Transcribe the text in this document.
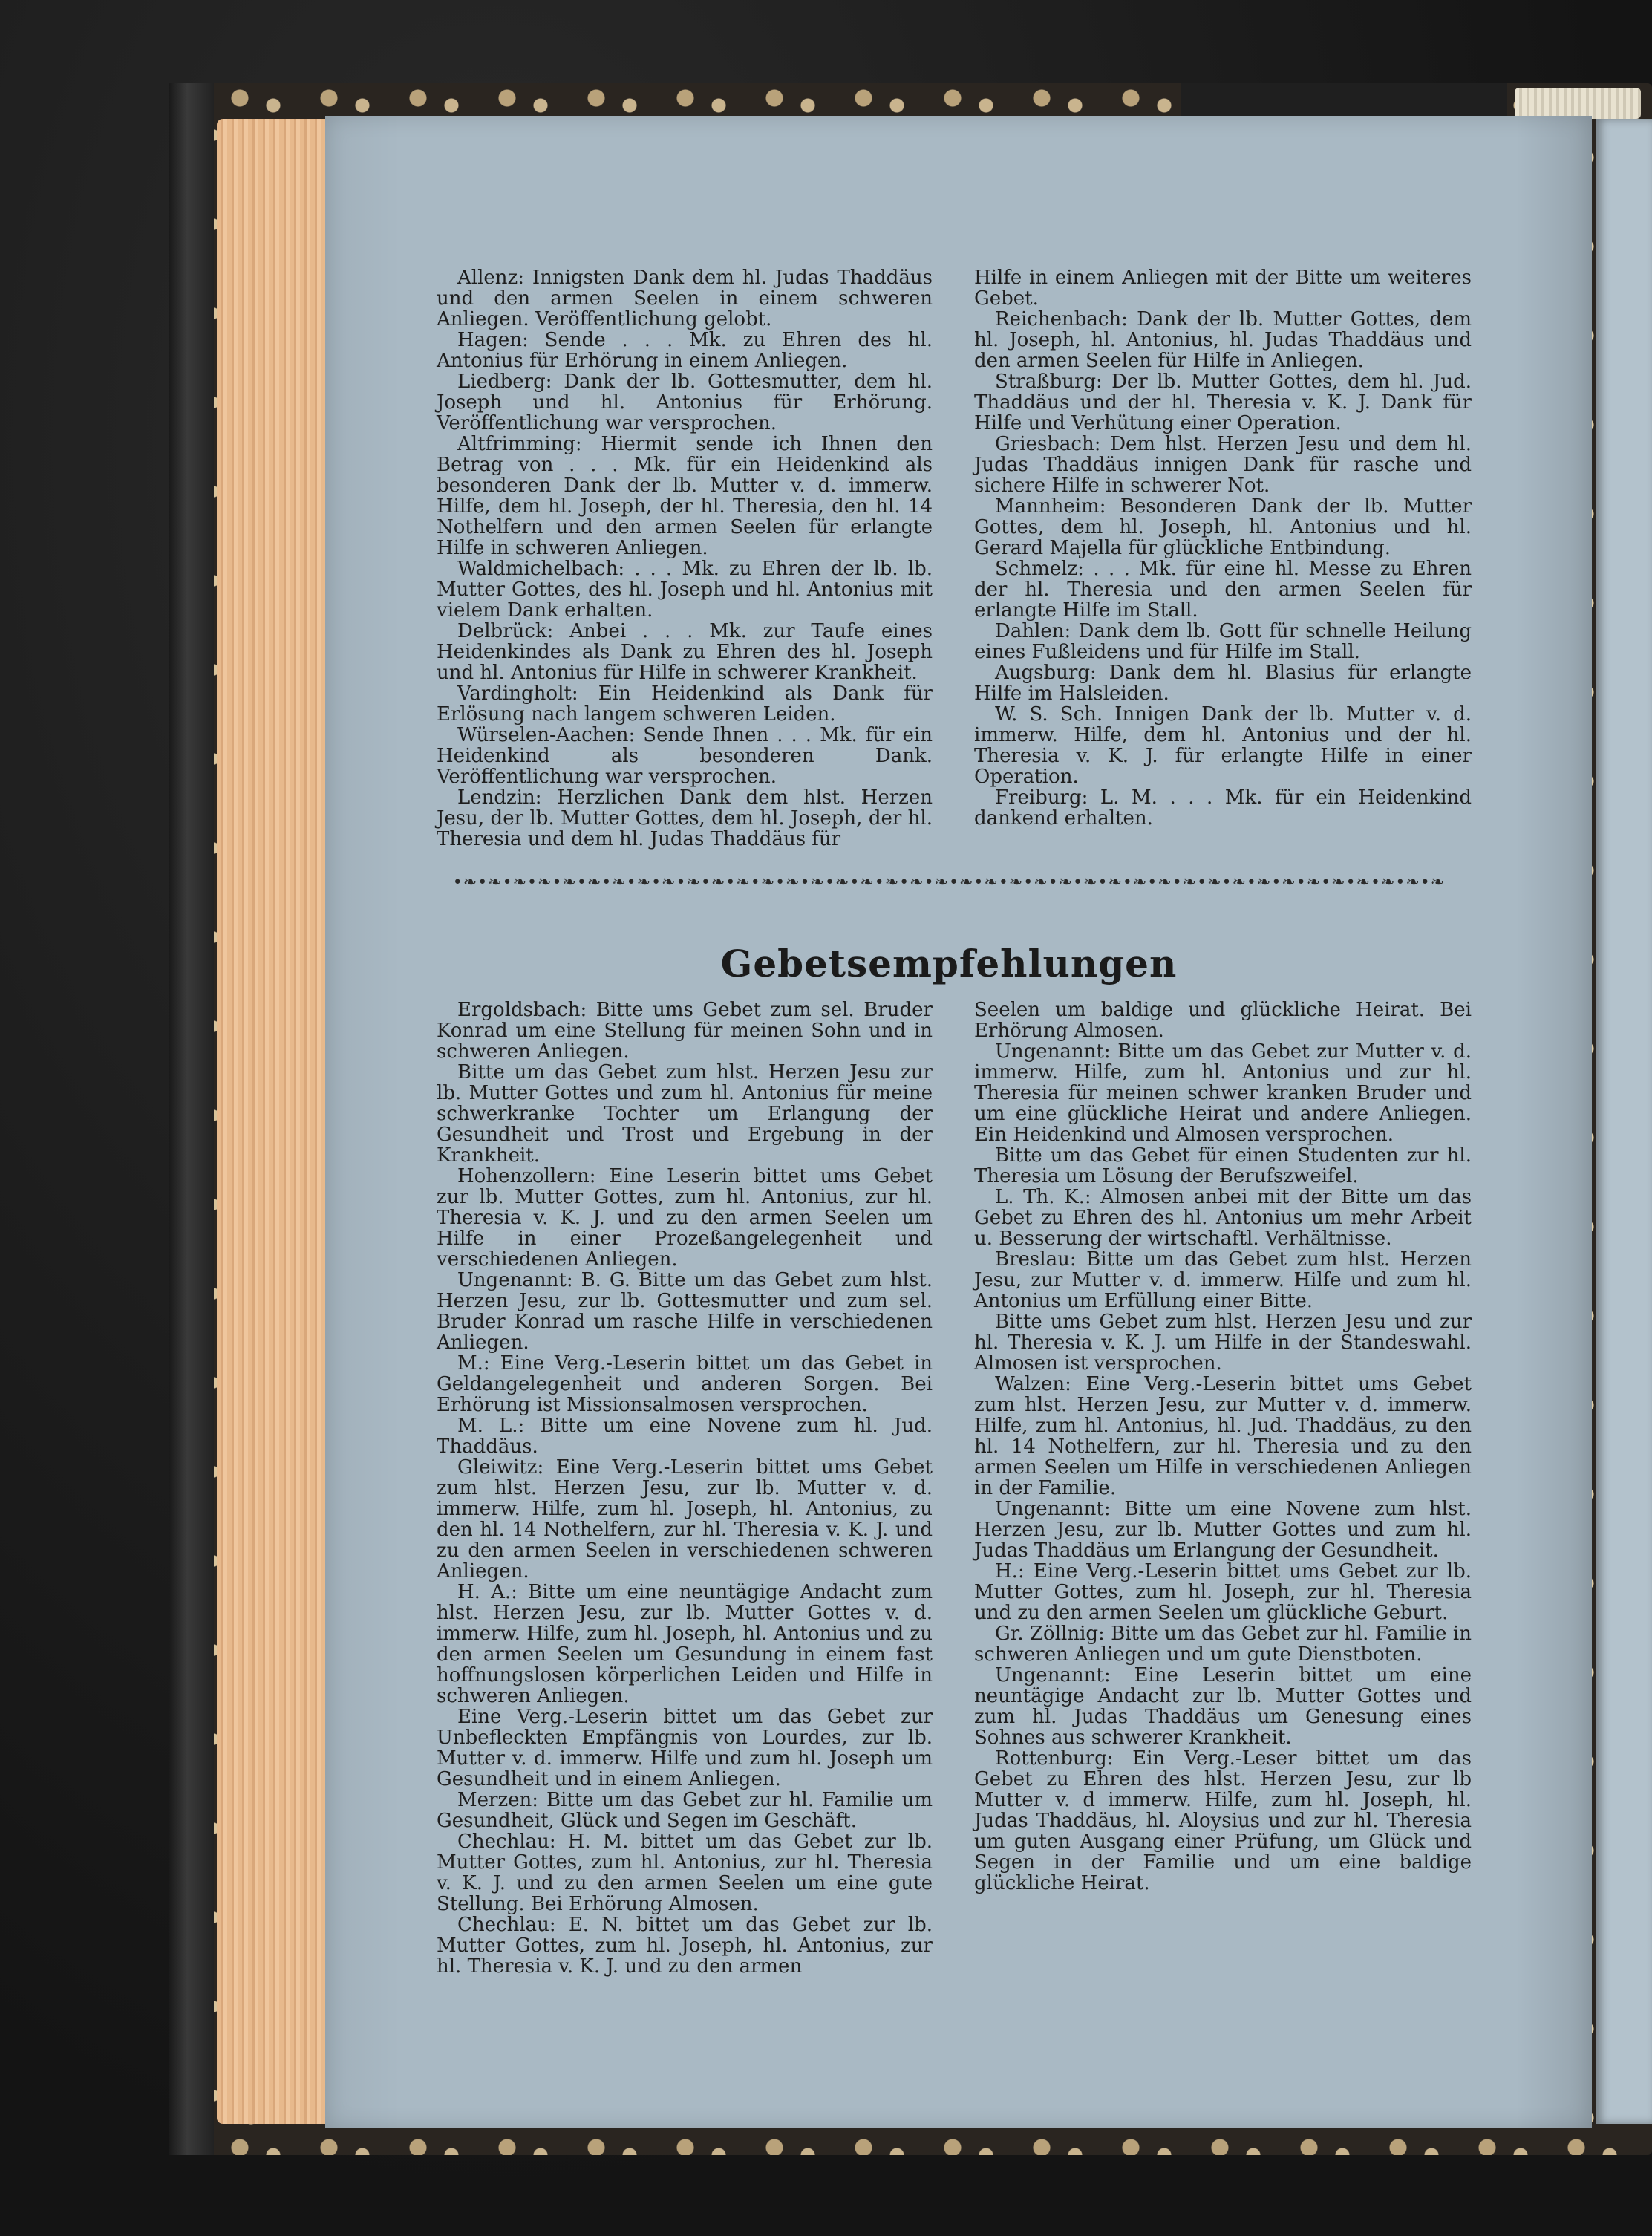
Allenz: Innigsten Dank dem hl. Judas Thaddäus und den armen Seelen in einem schweren Anliegen. Veröffentlichung gelobt.

Hagen: Sende . . . Mk. zu Ehren des hl. Antonius für Erhörung in einem Anliegen.

Liedberg: Dank der lb. Gottesmutter, dem hl. Joseph und hl. Antonius für Erhörung. Veröffentlichung war versprochen.

Altfrimming: Hiermit sende ich Ihnen den Betrag von . . . Mk. für ein Heidenkind als besonderen Dank der lb. Mutter v. d. immerw. Hilfe, dem hl. Joseph, der hl. Theresia, den hl. 14 Nothelfern und den armen Seelen für erlangte Hilfe in schweren Anliegen.

Waldmichelbach: . . . Mk. zu Ehren der lb. lb. Mutter Gottes, des hl. Joseph und hl. Antonius mit vielem Dank erhalten.

Delbrück: Anbei . . . Mk. zur Taufe eines Heidenkindes als Dank zu Ehren des hl. Joseph und hl. Antonius für Hilfe in schwerer Krankheit.

Vardingholt: Ein Heidenkind als Dank für Erlösung nach langem schweren Leiden.

Würselen-Aachen: Sende Ihnen . . . Mk. für ein Heidenkind als besonderen Dank. Veröffentlichung war versprochen.

Lendzin: Herzlichen Dank dem hlst. Herzen Jesu, der lb. Mutter Gottes, dem hl. Joseph, der hl. Theresia und dem hl. Judas Thaddäus für

Hilfe in einem Anliegen mit der Bitte um weiteres Gebet.

Reichenbach: Dank der lb. Mutter Gottes, dem hl. Joseph, hl. Antonius, hl. Judas Thaddäus und den armen Seelen für Hilfe in Anliegen.

Straßburg: Der lb. Mutter Gottes, dem hl. Jud. Thaddäus und der hl. Theresia v. K. J. Dank für Hilfe und Verhütung einer Operation.

Griesbach: Dem hlst. Herzen Jesu und dem hl. Judas Thaddäus innigen Dank für rasche und sichere Hilfe in schwerer Not.

Mannheim: Besonderen Dank der lb. Mutter Gottes, dem hl. Joseph, hl. Antonius und hl. Gerard Majella für glückliche Entbindung.

Schmelz: . . . Mk. für eine hl. Messe zu Ehren der hl. Theresia und den armen Seelen für erlangte Hilfe im Stall.

Dahlen: Dank dem lb. Gott für schnelle Heilung eines Fußleidens und für Hilfe im Stall.

Augsburg: Dank dem hl. Blasius für erlangte Hilfe im Halsleiden.

W. S. Sch. Innigen Dank der lb. Mutter v. d. immerw. Hilfe, dem hl. Antonius und der hl. Theresia v. K. J. für erlangte Hilfe in einer Operation.

Freiburg: L. M. . . . Mk. für ein Heidenkind dankend erhalten.

•❧•❧•❧•❧•❧•❧•❧•❧•❧•❧•❧•❧•❧•❧•❧•❧•❧•❧•❧•❧•❧•❧•❧•❧•❧•❧•❧•❧•❧•❧•❧•❧•❧•❧•❧•❧•❧•❧•❧•❧
Gebetsempfehlungen

Ergoldsbach: Bitte ums Gebet zum sel. Bruder Konrad um eine Stellung für meinen Sohn und in schweren Anliegen.

Bitte um das Gebet zum hlst. Herzen Jesu zur lb. Mutter Gottes und zum hl. Antonius für meine schwerkranke Tochter um Erlangung der Gesundheit und Trost und Ergebung in der Krankheit.

Hohenzollern: Eine Leserin bittet ums Gebet zur lb. Mutter Gottes, zum hl. Antonius, zur hl. Theresia v. K. J. und zu den armen Seelen um Hilfe in einer Prozeßangelegenheit und verschiedenen Anliegen.

Ungenannt: B. G. Bitte um das Gebet zum hlst. Herzen Jesu, zur lb. Gottesmutter und zum sel. Bruder Konrad um rasche Hilfe in verschiedenen Anliegen.

M.: Eine Verg.-Leserin bittet um das Gebet in Geldangelegenheit und anderen Sorgen. Bei Erhörung ist Missionsalmosen versprochen.

M. L.: Bitte um eine Novene zum hl. Jud. Thaddäus.

Gleiwitz: Eine Verg.-Leserin bittet ums Gebet zum hlst. Herzen Jesu, zur lb. Mutter v. d. immerw. Hilfe, zum hl. Joseph, hl. Antonius, zu den hl. 14 Nothelfern, zur hl. Theresia v. K. J. und zu den armen Seelen in verschiedenen schweren Anliegen.

H. A.: Bitte um eine neuntägige Andacht zum hlst. Herzen Jesu, zur lb. Mutter Gottes v. d. immerw. Hilfe, zum hl. Joseph, hl. Antonius und zu den armen Seelen um Gesundung in einem fast hoffnungslosen körperlichen Leiden und Hilfe in schweren Anliegen.

Eine Verg.-Leserin bittet um das Gebet zur Unbefleckten Empfängnis von Lourdes, zur lb. Mutter v. d. immerw. Hilfe und zum hl. Joseph um Gesundheit und in einem Anliegen.

Merzen: Bitte um das Gebet zur hl. Familie um Gesundheit, Glück und Segen im Geschäft.

Chechlau: H. M. bittet um das Gebet zur lb. Mutter Gottes, zum hl. Antonius, zur hl. Theresia v. K. J. und zu den armen Seelen um eine gute Stellung. Bei Erhörung Almosen.

Chechlau: E. N. bittet um das Gebet zur lb. Mutter Gottes, zum hl. Joseph, hl. Antonius, zur hl. Theresia v. K. J. und zu den armen

Seelen um baldige und glückliche Heirat. Bei Erhörung Almosen.

Ungenannt: Bitte um das Gebet zur Mutter v. d. immerw. Hilfe, zum hl. Antonius und zur hl. Theresia für meinen schwer kranken Bruder und um eine glückliche Heirat und andere Anliegen. Ein Heidenkind und Almosen versprochen.

Bitte um das Gebet für einen Studenten zur hl. Theresia um Lösung der Berufszweifel.

L. Th. K.: Almosen anbei mit der Bitte um das Gebet zu Ehren des hl. Antonius um mehr Arbeit u. Besserung der wirtschaftl. Verhältnisse.

Breslau: Bitte um das Gebet zum hlst. Herzen Jesu, zur Mutter v. d. immerw. Hilfe und zum hl. Antonius um Erfüllung einer Bitte.

Bitte ums Gebet zum hlst. Herzen Jesu und zur hl. Theresia v. K. J. um Hilfe in der Standeswahl. Almosen ist versprochen.

Walzen: Eine Verg.-Leserin bittet ums Gebet zum hlst. Herzen Jesu, zur Mutter v. d. immerw. Hilfe, zum hl. Antonius, hl. Jud. Thaddäus, zu den hl. 14 Nothelfern, zur hl. Theresia und zu den armen Seelen um Hilfe in verschiedenen Anliegen in der Familie.

Ungenannt: Bitte um eine Novene zum hlst. Herzen Jesu, zur lb. Mutter Gottes und zum hl. Judas Thaddäus um Erlangung der Gesundheit.

H.: Eine Verg.-Leserin bittet ums Gebet zur lb. Mutter Gottes, zum hl. Joseph, zur hl. Theresia und zu den armen Seelen um glückliche Geburt.

Gr. Zöllnig: Bitte um das Gebet zur hl. Familie in schweren Anliegen und um gute Dienstboten.

Ungenannt: Eine Leserin bittet um eine neuntägige Andacht zur lb. Mutter Gottes und zum hl. Judas Thaddäus um Genesung eines Sohnes aus schwerer Krankheit.

Rottenburg: Ein Verg.-Leser bittet um das Gebet zu Ehren des hlst. Herzen Jesu, zur lb Mutter v. d immerw. Hilfe, zum hl. Joseph, hl. Judas Thaddäus, hl. Aloysius und zur hl. Theresia um guten Ausgang einer Prüfung, um Glück und Segen in der Familie und um eine baldige glückliche Heirat.
